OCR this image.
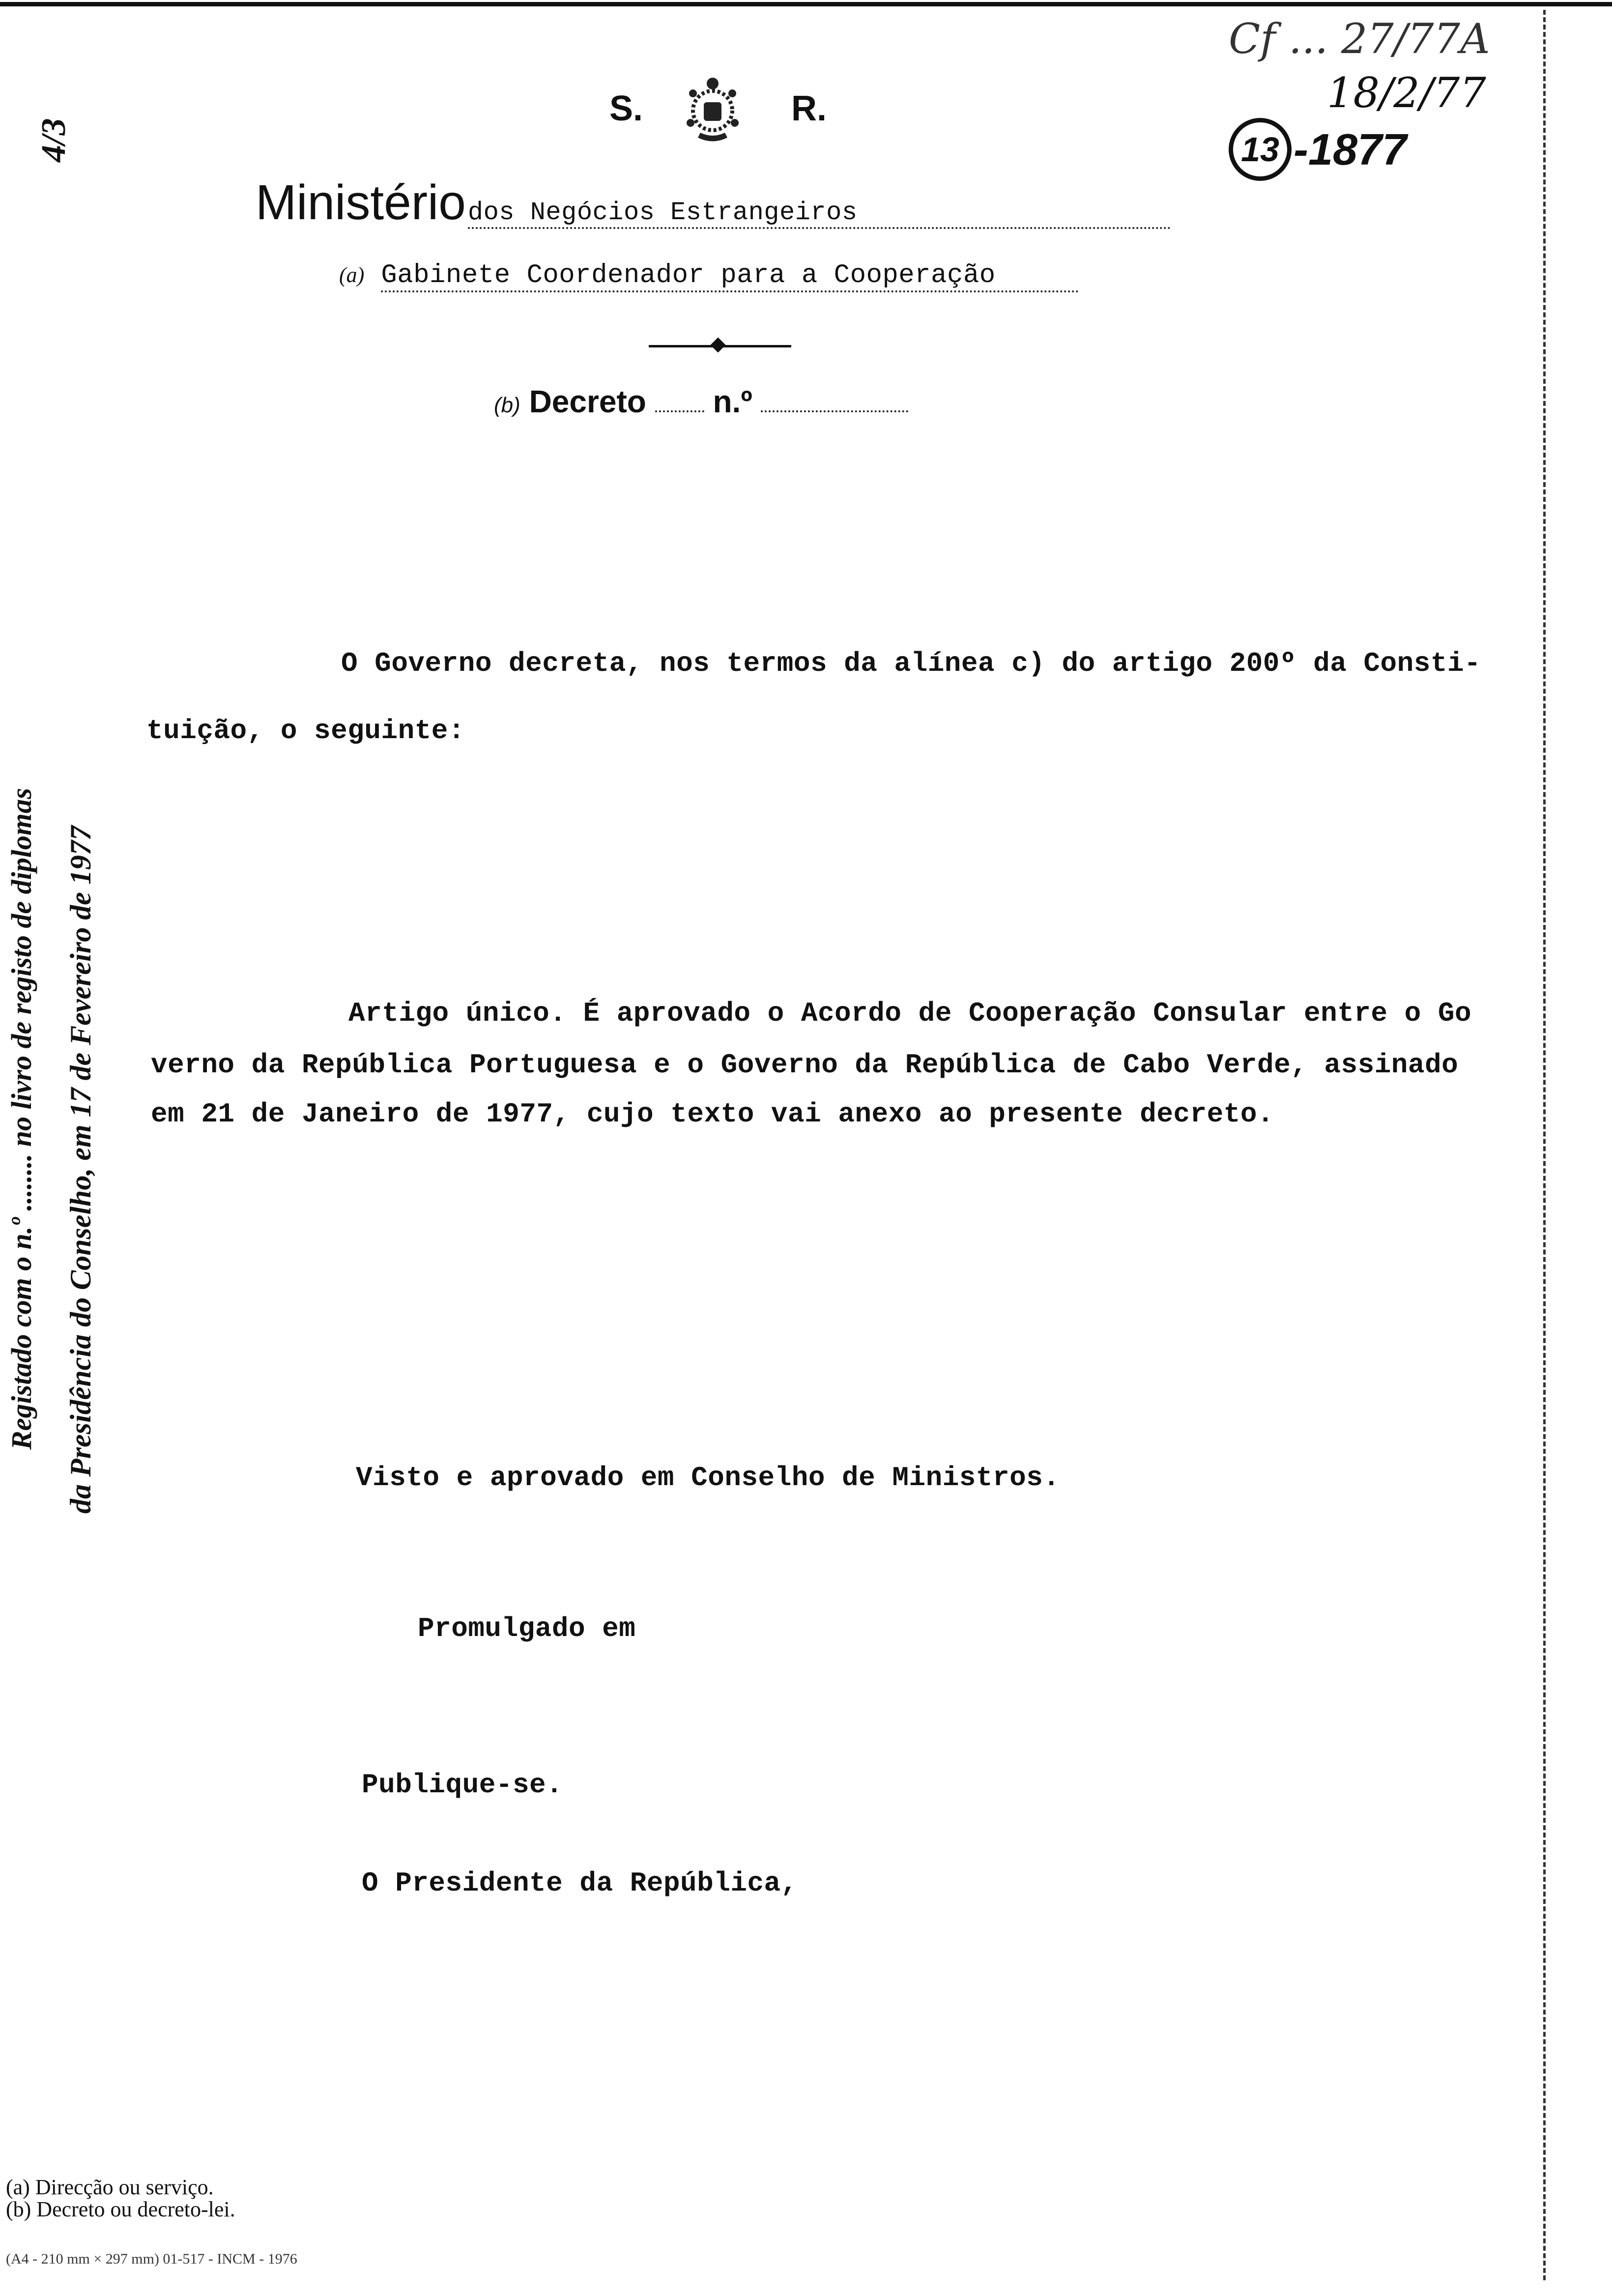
4/3
S.	R.
Ministério dos Negócios Estrangeiros
(a) Gabinete Coordenador para a Cooperação
(b) Decreto n.º
Cf ... 27/77A
18/2/77
13 -1877
Registado com o n.º ........ no livro de registo de diplomas da Presidência do Conselho, em 17 de Fevereiro de 1977
O Governo decreta, nos termos da alínea c) do artigo 200º da Consti-
tuição, o seguinte:
Artigo único. É aprovado o Acordo de Cooperação Consular entre o Go
verno da República Portuguesa e o Governo da República de Cabo Verde, assinado
em 21 de Janeiro de 1977, cujo texto vai anexo ao presente decreto.
Visto e aprovado em Conselho de Ministros.
Promulgado em
Publique-se.
O Presidente da República,
(a) Direcção ou serviço.
(b) Decreto ou decreto-lei.
(A4 - 210 mm × 297 mm) 01-517 - INCM - 1976
